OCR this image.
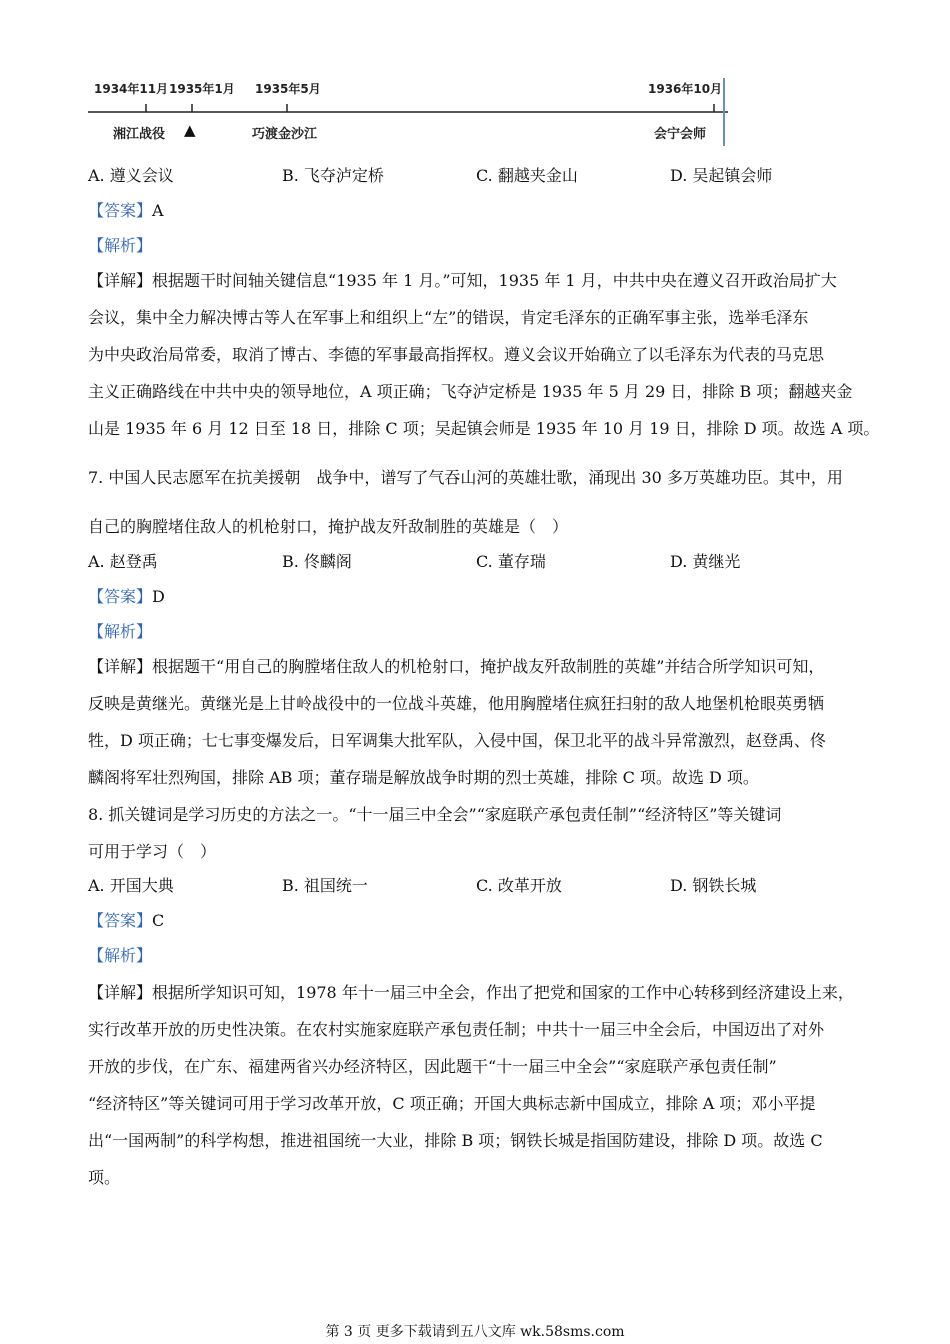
1934年11月 1935年1月 1935年5月	1936年10月
湘江战役 ▲	巧渡金沙江	会宁会师
A. 遵义会议	B. 飞夺泸定桥	C. 翻越夹金山	D. 吴起镇会师
【答案】A
【解析】
【详解】根据题干时间轴关键信息“1935 年 1 月。”可知，1935 年 1 月，中共中央在遵义召开政治局扩大
会议，集中全力解决博古等人在军事上和组织上“左”的错误，肯定毛泽东的正确军事主张，选举毛泽东
为中央政治局常委，取消了博古、李德的军事最高指挥权。遵义会议开始确立了以毛泽东为代表的马克思
主义正确路线在中共中央的领导地位，A 项正确；飞夺泸定桥是 1935 年 5 月 29 日，排除 B 项；翻越夹金
山是 1935 年 6 月 12 日至 18 日，排除 C 项；吴起镇会师是 1935 年 10 月 19 日，排除 D 项。故选 A 项。
7. 中国人民志愿军在抗美援朝　战争中，谱写了气吞山河的英雄壮歌，涌现出 30 多万英雄功臣。其中，用
自己的胸膛堵住敌人的机枪射口，掩护战友歼敌制胜的英雄是（　）
A. 赵登禹	B. 佟麟阁	C. 董存瑞	D. 黄继光
【答案】D
【解析】
【详解】根据题干“用自己的胸膛堵住敌人的机枪射口，掩护战友歼敌制胜的英雄”并结合所学知识可知，
反映是黄继光。黄继光是上甘岭战役中的一位战斗英雄，他用胸膛堵住疯狂扫射的敌人地堡机枪眼英勇牺
牲，D 项正确；七七事变爆发后，日军调集大批军队，入侵中国，保卫北平的战斗异常激烈，赵登禹、佟
麟阁将军壮烈殉国，排除 AB 项；董存瑞是解放战争时期的烈士英雄，排除 C 项。故选 D 项。
8. 抓关键词是学习历史的方法之一。“十一届三中全会”“家庭联产承包责任制”“经济特区”等关键词
可用于学习（　）
A. 开国大典	B. 祖国统一	C. 改革开放	D. 钢铁长城
【答案】C
【解析】
【详解】根据所学知识可知，1978 年十一届三中全会，作出了把党和国家的工作中心转移到经济建设上来，
实行改革开放的历史性决策。在农村实施家庭联产承包责任制；中共十一届三中全会后，中国迈出了对外
开放的步伐，在广东、福建两省兴办经济特区，因此题干“十一届三中全会”“家庭联产承包责任制”
“经济特区”等关键词可用于学习改革开放，C 项正确；开国大典标志新中国成立，排除 A 项；邓小平提
出“一国两制”的科学构想，推进祖国统一大业，排除 B 项；钢铁长城是指国防建设，排除 D 项。故选 C
项。
第 3 页 更多下载请到五八文库 wk.58sms.com
